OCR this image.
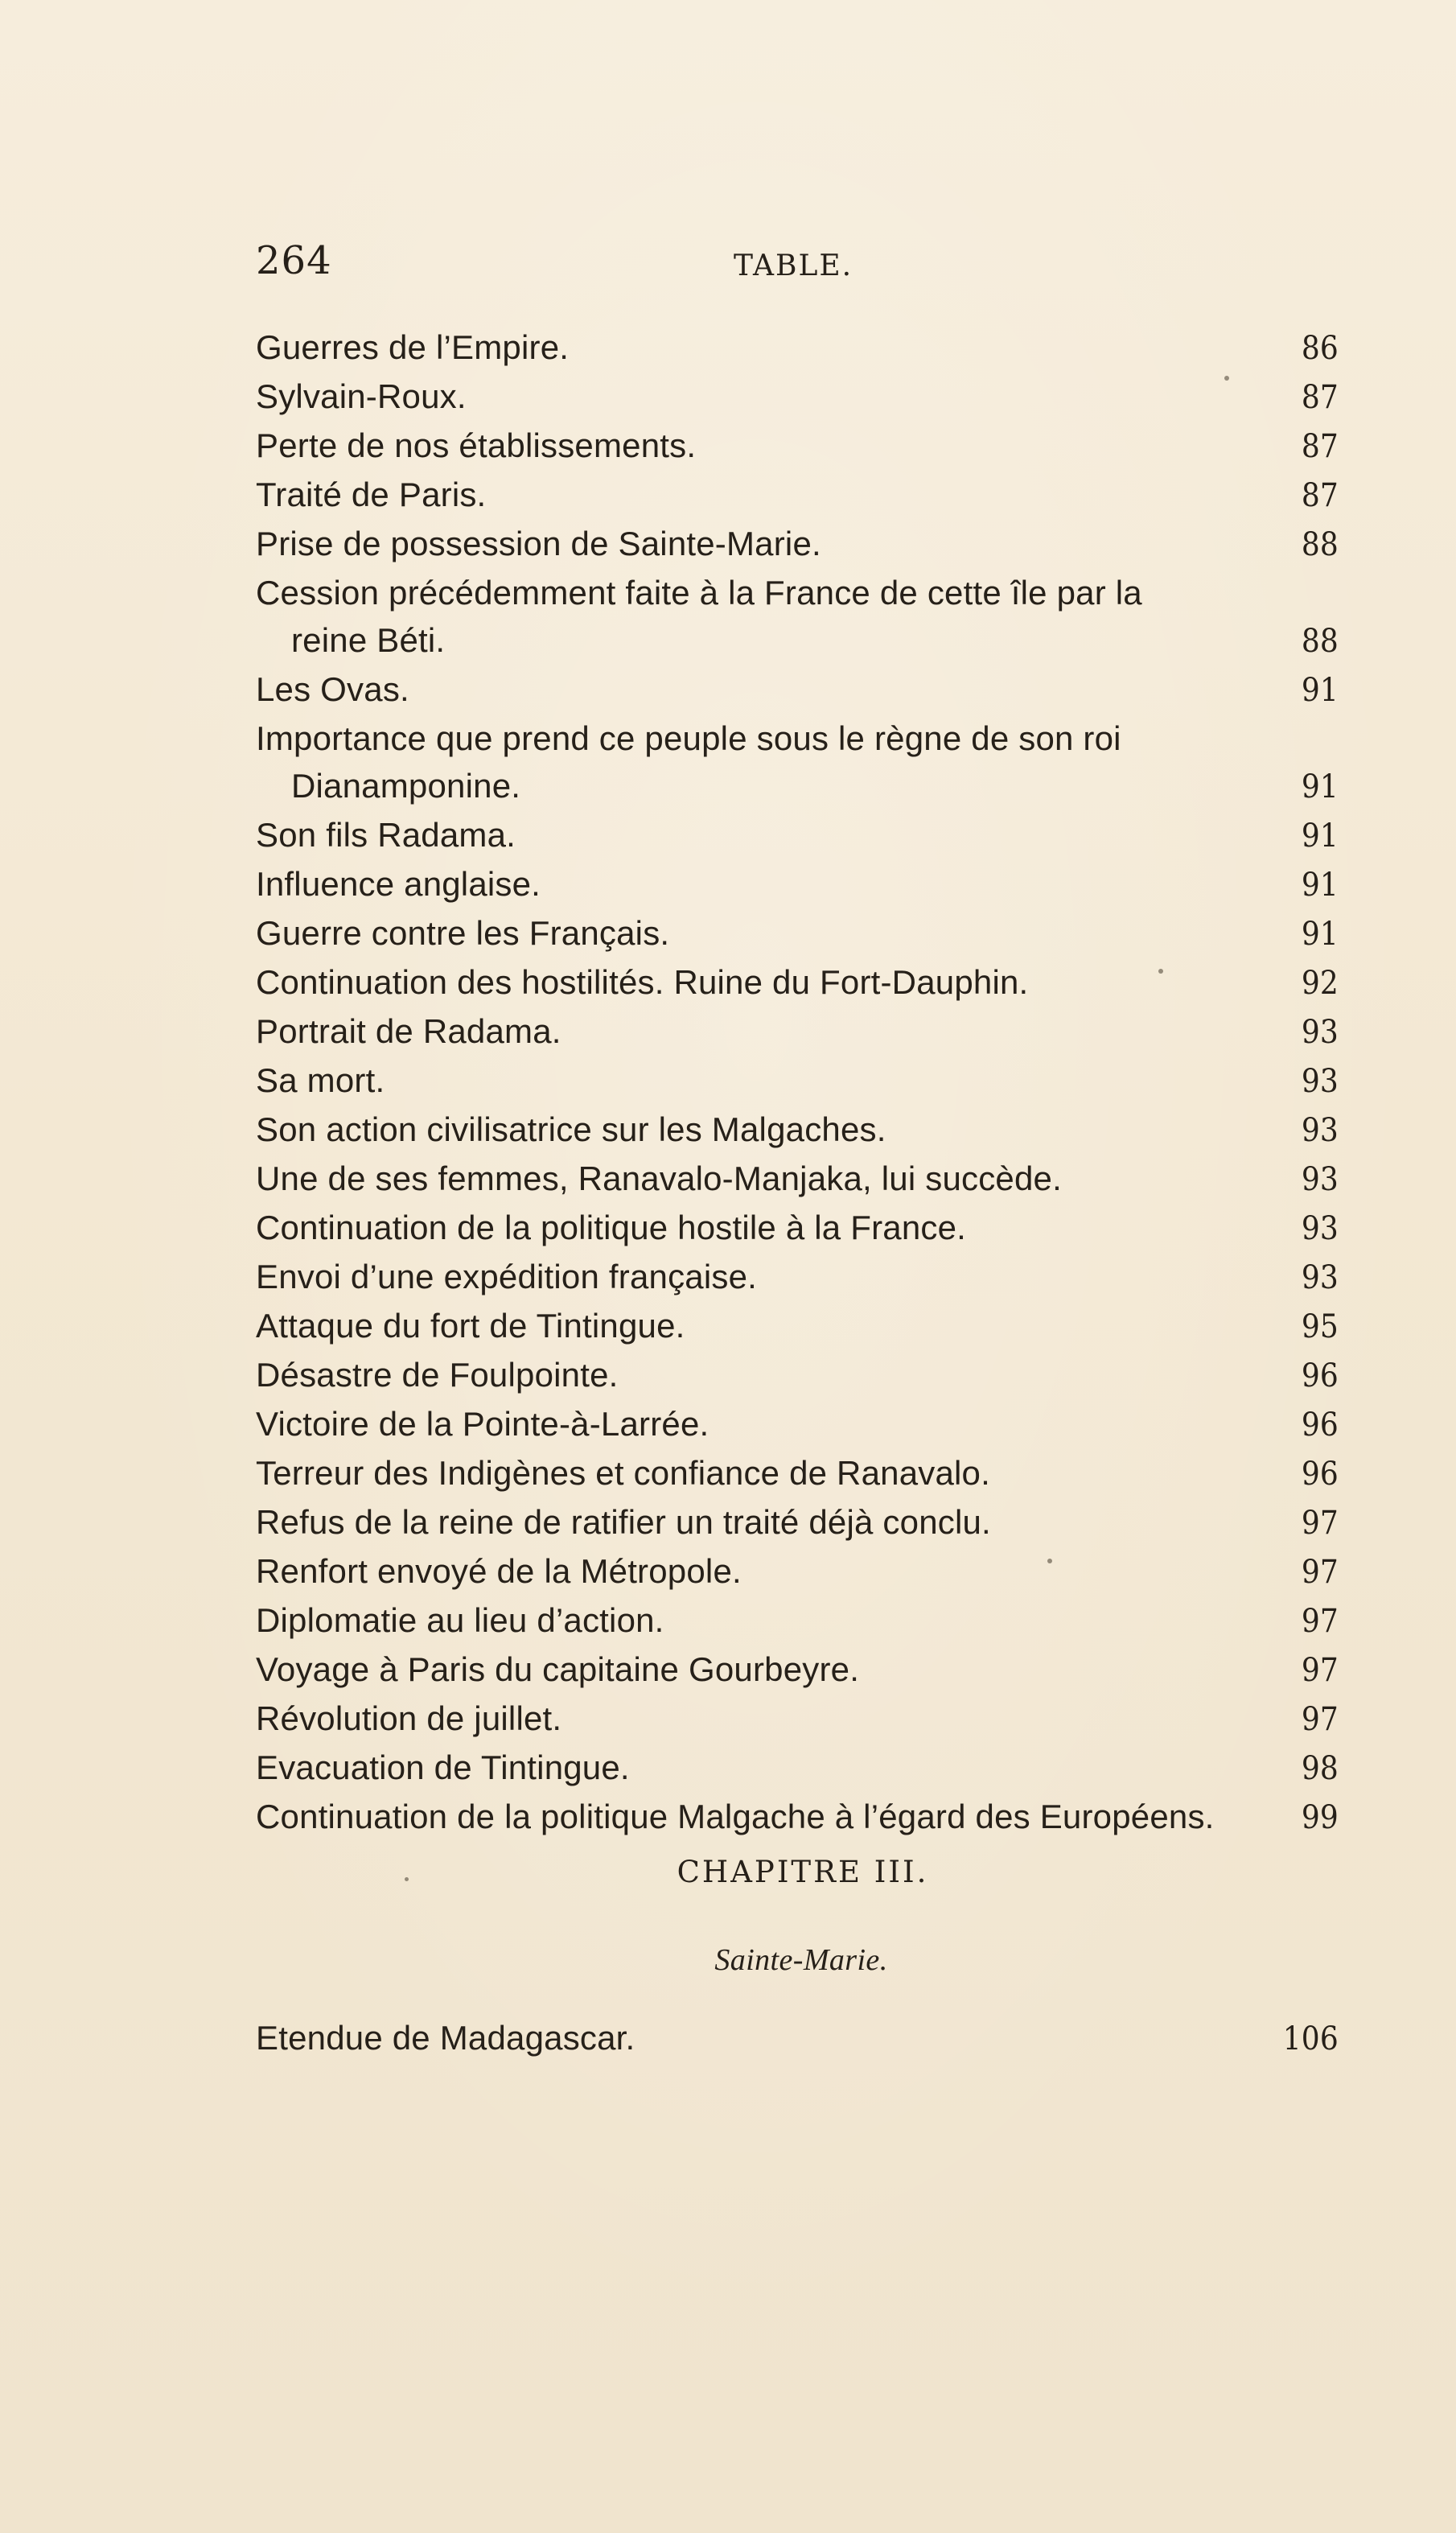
264	TABLE.
Guerres de l’Empire.	86
Sylvain-Roux.	87
Perte de nos établissements.	87
Traité de Paris.	87
Prise de possession de Sainte-Marie.	88
Cession précédemment faite à la France de cette île par la
reine Béti.	88
Les Ovas.	91
Importance que prend ce peuple sous le règne de son roi
Dianamponine.	91
Son fils Radama.	91
Influence anglaise.	91
Guerre contre les Français.	91
Continuation des hostilités. Ruine du Fort-Dauphin.	92
Portrait de Radama.	93
Sa mort.	93
Son action civilisatrice sur les Malgaches.	93
Une de ses femmes, Ranavalo-Manjaka, lui succède.	93
Continuation de la politique hostile à la France.	93
Envoi d’une expédition française.	93
Attaque du fort de Tintingue.	95
Désastre de Foulpointe.	96
Victoire de la Pointe-à-Larrée.	96
Terreur des Indigènes et confiance de Ranavalo.	96
Refus de la reine de ratifier un traité déjà conclu.	97
Renfort envoyé de la Métropole.	97
Diplomatie au lieu d’action.	97
Voyage à Paris du capitaine Gourbeyre.	97
Révolution de juillet.	97
Evacuation de Tintingue.	98
Continuation de la politique Malgache à l’égard des Européens.	99
CHAPITRE III.
Sainte-Marie.
Etendue de Madagascar.	106
